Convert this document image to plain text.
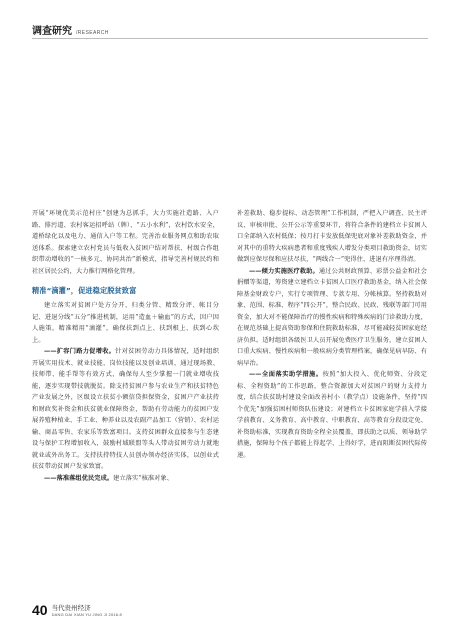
调查研究 /RESEARCH

开展“环境优美示范村庄”创建为总抓手，大力实施社造路、入户路、排污道、农村客运招呼站（牌）、“五小水利”，农村饮水安全，道桥绿化以及电力、通信入户等工程。完善治业服务网点和助农取送体系。探索建立农村党员与低收入贫困户结对帮扶、村级合作组织带动增收的“一核多元、协同共治”新模式，指导完善村规民约和社区居民公约，大力推行网格化管理。

精准“滴灌”，促进稳定脱贫致富

建立落实对贫困户处方分开、归类分管、精致分评、帐目分记、进退分线“五分”推进机制，运用“造血＋输血”的方式，因户因人施策，精准精用“滴灌”，确保扶到点上、扶到根上、扶到心坎上。

——扩容门路力促增收。针对贫困劳动力具体情况，适时组织开展实用技术、就业技能、岗位技能以及创业培训，通过现场教、技师带、能手帮等有效方式，确保每人至少掌握一门就业增收技能，逐步实现带技就脱贫。除支持贫困户参与农业生产和扶贫特色产业发展之外，区级设立扶贫小额信贷担保资金，贫困户产业扶持和财政奖补资金和扶贫就业保障资金，帮助有劳动能力的贫困户发展养殖种植业、手工业、种养业以及农副产品加工（营销）、农村运输、商品零售、农家乐等致富项目。支持贫困群众直接参与生态建设与保护工程增加收入，鼓励村域联盟等头人带动贫困劳动力就地就业或外出务工。支持扶持特技人员创办领办经济实体，以创业式扶贫带动贫困户发家致富。

——落准落组优民完成。建立落实“核准对象、

补差救助、稳步提标、动态管理”工作机制，严把入户调查、民主评议、审核审批、公开公示等重要环节，将符合条件的建档立卡贫困人口全部纳入农村低保；按月打卡发放低保兜底对象补差救助资金，并对其中的重特大疾病患者和重度残疾人增发分类项目救助资金，切实做到应保尽保和应扶尽扶，“两线合一”兜得住、进退有序理得清。

——倾力实施医疗救助。通过公共财政预算、彩票公益金和社会捐赠等渠道，筹资建立建档立卡贫困人口医疗救助基金，纳入社会保障基金财政专户，实行专项管理、专款专用、分帐核算。坚持救助对象、范围、标准、程序“四公开”，整合民政、民政、残联等部门可用资金，加大对不能保障治疗的慢性疾病和特殊疾病的门诊救助力度，在规范基础上提高资助参保和住院救助标准，尽可能减轻贫困家庭经济负担。适时组织各级医卫人员开展免费医疗卫生服务，建立贫困人口重大疾病、慢性疾病和一般疾病分类管理档案，确保见病早防、有病早治。

——全面落实助学措施。按照“加大投入、优化师资、分段定标、全程资助”的工作思路，整合资源加大对贫困户的财力支持力度，结合扶贫助村建设全面改善村小（教学点）设施条件，坚持“四个优先”加强贫困村师资队伍建设；对建档立卡贫困家庭学前入学接学前教育、义务教育、高中教育、中职教育、高等教育分段设定免、补资助标准，实现教育资助全程全员覆盖，即扶助之以质、领导助学措施，保障每个孩子都能上得起学、上得好学，进而阻断贫困代际传递。

40 当代贵州经济
DANG DAI XIAN YU JING JI 2016.8
